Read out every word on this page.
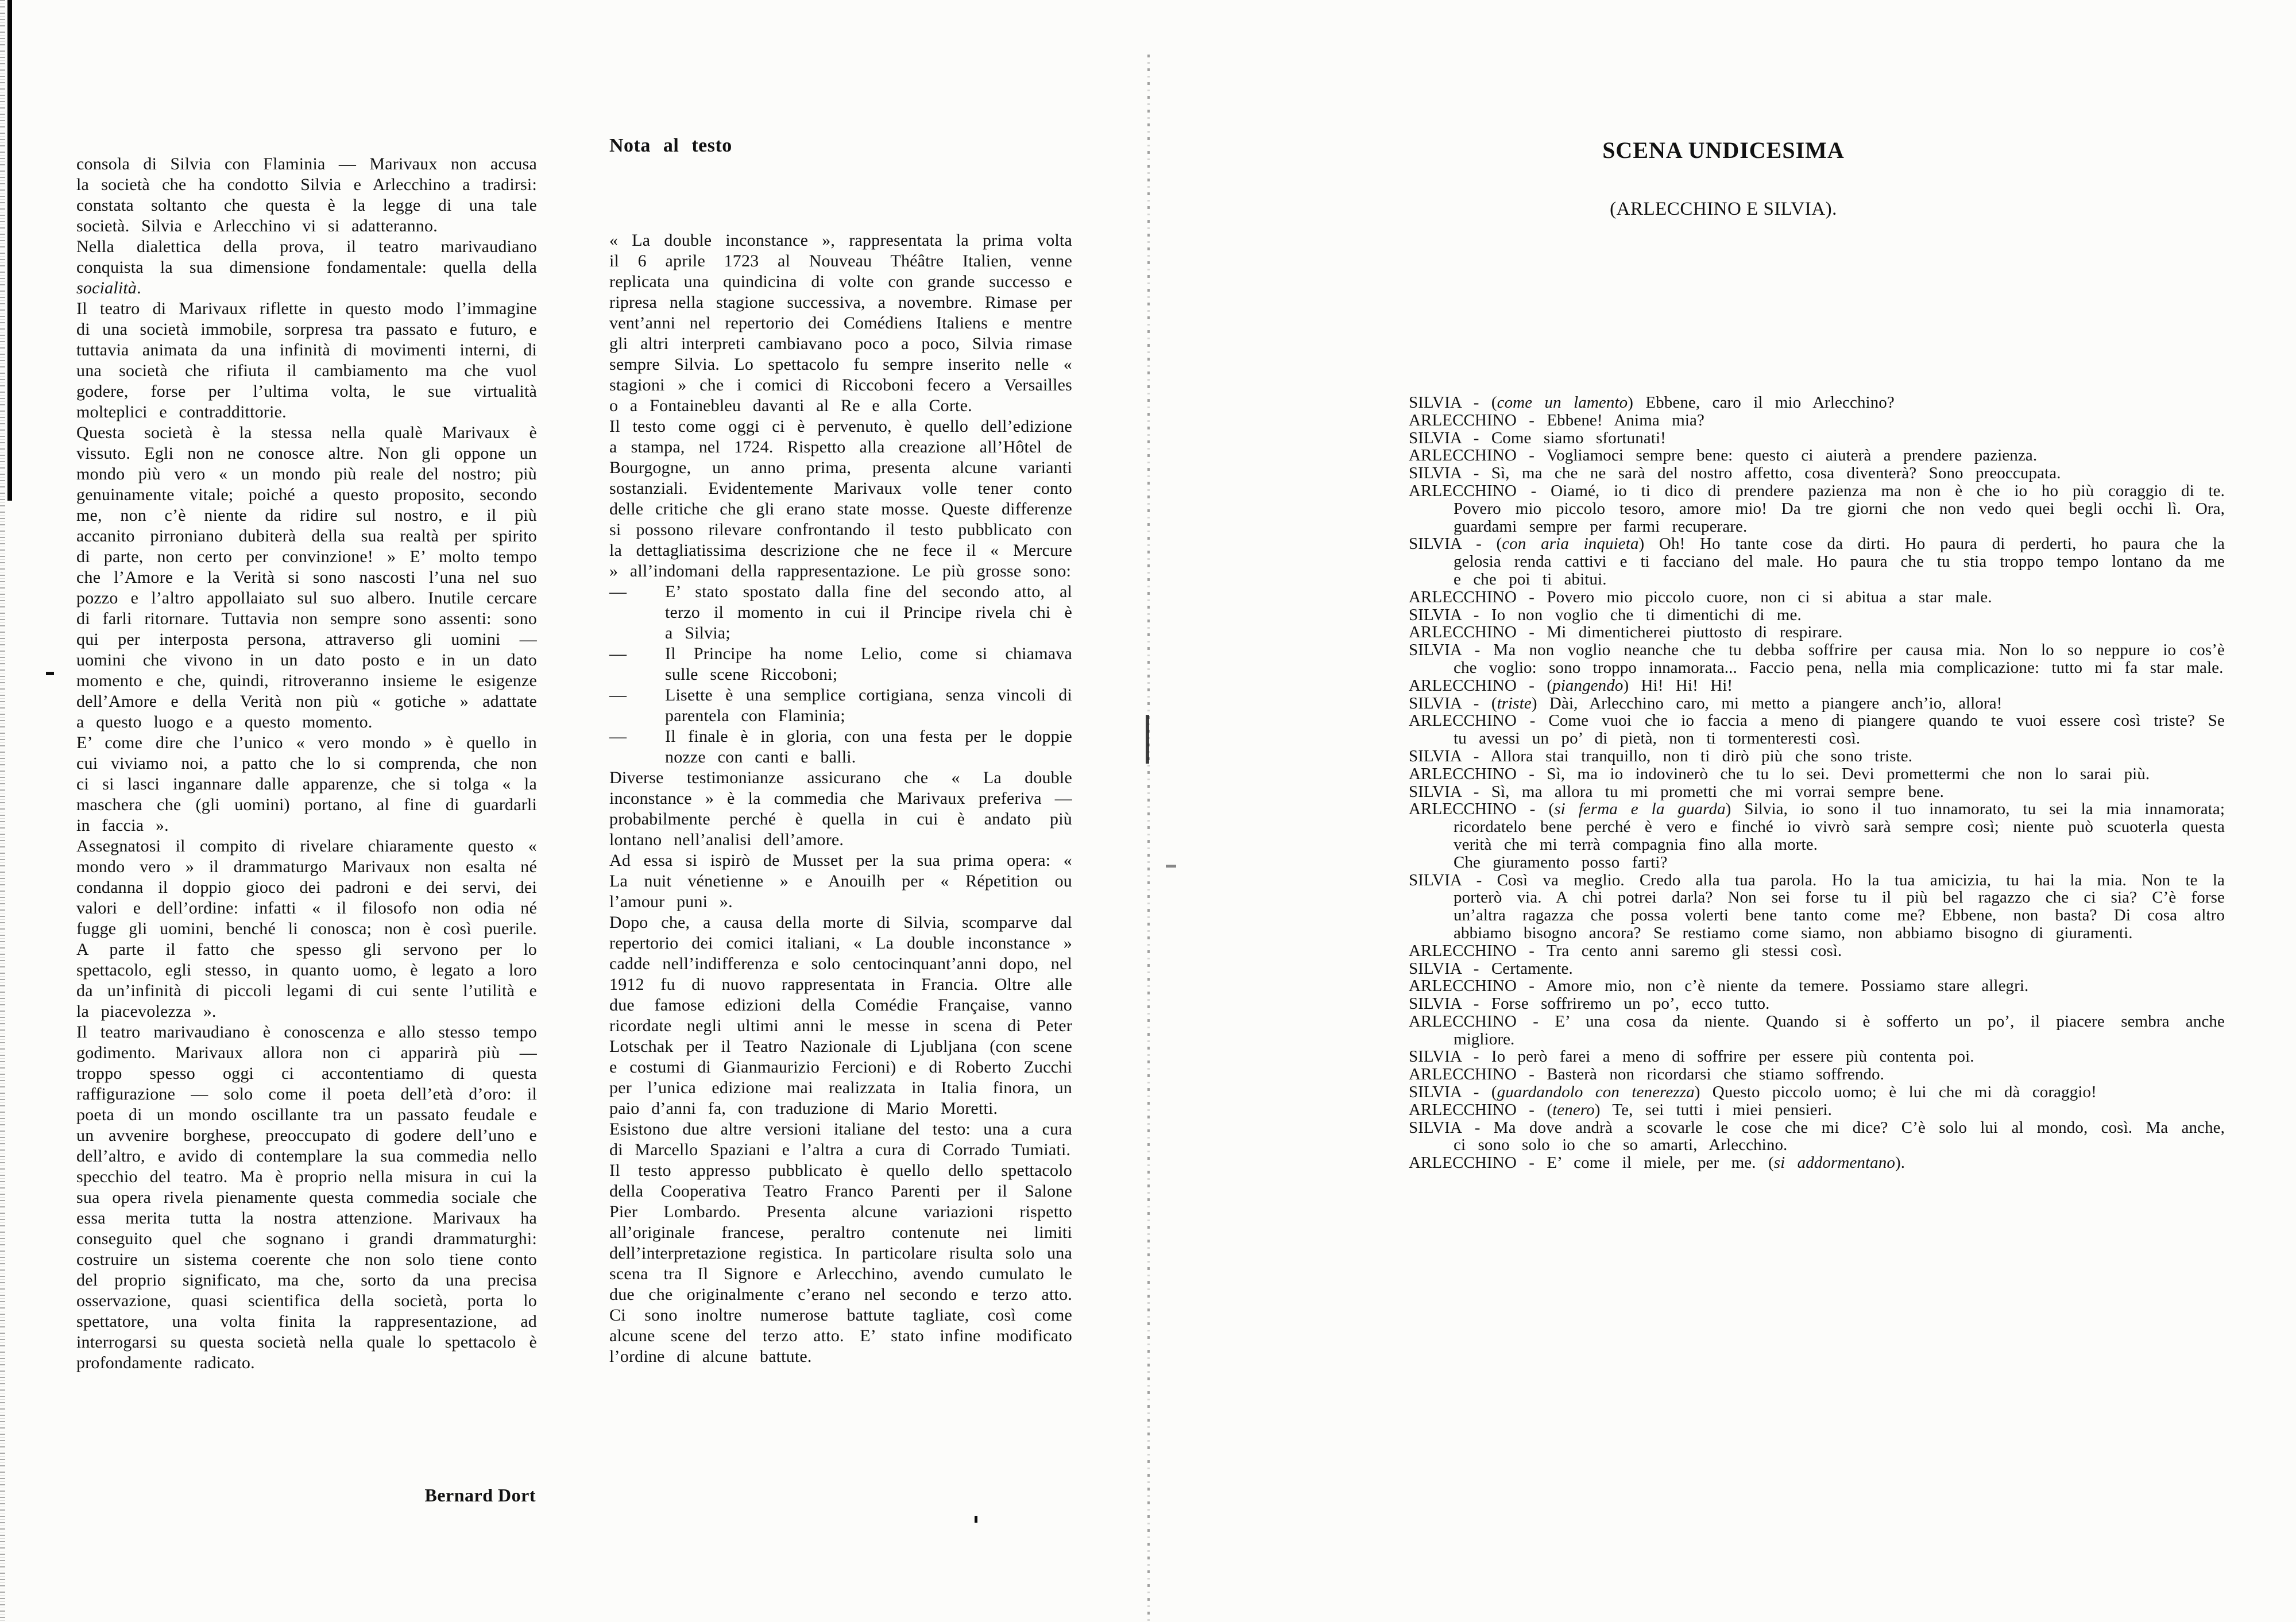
consola di Silvia con Flaminia — Marivaux non accusa la società che ha condotto Silvia e Arlecchino a tradirsi: constata soltanto che questa è la legge di una tale società. Silvia e Arlecchino vi si adatteranno.
Nella dialettica della prova, il teatro marivaudiano conquista la sua dimensione fondamentale: quella della socialità.
Il teatro di Marivaux riflette in questo modo l’immagine di una società immobile, sorpresa tra passato e futuro, e tuttavia animata da una infinità di movimenti interni, di una società che rifiuta il cambiamento ma che vuol godere, forse per l’ultima volta, le sue virtualità molteplici e contraddittorie.
Questa società è la stessa nella qualè Marivaux è vissuto. Egli non ne conosce altre. Non gli oppone un mondo più vero « un mondo più reale del nostro; più genuinamente vitale; poiché a questo proposito, secondo me, non c’è niente da ridire sul nostro, e il più accanito pirroniano dubiterà della sua realtà per spirito di parte, non certo per convinzione! » E’ molto tempo che l’Amore e la Verità si sono nascosti l’una nel suo pozzo e l’altro appollaiato sul suo albero. Inutile cercare di farli ritornare. Tuttavia non sempre sono assenti: sono qui per interposta persona, attraverso gli uomini — uomini che vivono in un dato posto e in un dato momento e che, quindi, ritroveranno insieme le esigenze dell’Amore e della Verità non più « gotiche » adattate a questo luogo e a questo momento.
E’ come dire che l’unico « vero mondo » è quello in cui viviamo noi, a patto che lo si comprenda, che non ci si lasci ingannare dalle apparenze, che si tolga « la maschera che (gli uomini) portano, al fine di guardarli in faccia ».
Assegnatosi il compito di rivelare chiaramente questo « mondo vero » il drammaturgo Marivaux non esalta né condanna il doppio gioco dei padroni e dei servi, dei valori e dell’ordine: infatti « il filosofo non odia né fugge gli uomini, benché li conosca; non è così puerile. A parte il fatto che spesso gli servono per lo spettacolo, egli stesso, in quanto uomo, è legato a loro da un’infinità di piccoli legami di cui sente l’utilità e la piacevolezza ».
Il teatro marivaudiano è conoscenza e allo stesso tempo godimento. Marivaux allora non ci apparirà più — troppo spesso oggi ci accontentiamo di questa raffigurazione — solo come il poeta dell’età d’oro: il poeta di un mondo oscillante tra un passato feudale e un avvenire borghese, preoccupato di godere dell’uno e dell’altro, e avido di contemplare la sua commedia nello specchio del teatro. Ma è proprio nella misura in cui la sua opera rivela pienamente questa commedia sociale che essa merita tutta la nostra attenzione. Marivaux ha conseguito quel che sognano i grandi drammaturghi: costruire un sistema coerente che non solo tiene conto del proprio significato, ma che, sorto da una precisa osservazione, quasi scientifica della società, porta lo spettatore, una volta finita la rappresentazione, ad interrogarsi su questa società nella quale lo spettacolo è profondamente radicato.
Bernard Dort
Nota al testo
« La double inconstance », rappresentata la prima volta il 6 aprile 1723 al Nouveau Théâtre Italien, venne replicata una quindicina di volte con grande successo e ripresa nella stagione successiva, a novembre. Rimase per vent’anni nel repertorio dei Comédiens Italiens e mentre gli altri interpreti cambiavano poco a poco, Silvia rimase sempre Silvia. Lo spettacolo fu sempre inserito nelle « stagioni » che i comici di Riccoboni fecero a Versailles o a Fontainebleu davanti al Re e alla Corte.
Il testo come oggi ci è pervenuto, è quello dell’edizione a stampa, nel 1724. Rispetto alla creazione all’Hôtel de Bourgogne, un anno prima, presenta alcune varianti sostanziali. Evidentemente Marivaux volle tener conto delle critiche che gli erano state mosse. Queste differenze si possono rilevare confrontando il testo pubblicato con la dettagliatissima descrizione che ne fece il « Mercure » all’indomani della rappresentazione. Le più grosse sono:
— E’ stato spostato dalla fine del secondo atto, al terzo il momento in cui il Principe rivela chi è a Silvia;
— Il Principe ha nome Lelio, come si chiamava sulle scene Riccoboni;
— Lisette è una semplice cortigiana, senza vincoli di parentela con Flaminia;
— Il finale è in gloria, con una festa per le doppie nozze con canti e balli.
Diverse testimonianze assicurano che « La double inconstance » è la commedia che Marivaux preferiva — probabilmente perché è quella in cui è andato più lontano nell’analisi dell’amore.
Ad essa si ispirò de Musset per la sua prima opera: « La nuit vénetienne » e Anouilh per « Répetition ou l’amour puni ».
Dopo che, a causa della morte di Silvia, scomparve dal repertorio dei comici italiani, « La double inconstance » cadde nell’indifferenza e solo centocinquant’anni dopo, nel 1912 fu di nuovo rappresentata in Francia. Oltre alle due famose edizioni della Comédie Française, vanno ricordate negli ultimi anni le messe in scena di Peter Lotschak per il Teatro Nazionale di Ljubljana (con scene e costumi di Gianmaurizio Fercioni) e di Roberto Zucchi per l’unica edizione mai realizzata in Italia finora, un paio d’anni fa, con traduzione di Mario Moretti.
Esistono due altre versioni italiane del testo: una a cura di Marcello Spaziani e l’altra a cura di Corrado Tumiati.
Il testo appresso pubblicato è quello dello spettacolo della Cooperativa Teatro Franco Parenti per il Salone Pier Lombardo. Presenta alcune variazioni rispetto all’originale francese, peraltro contenute nei limiti dell’interpretazione registica. In particolare risulta solo una scena tra Il Signore e Arlecchino, avendo cumulato le due che originalmente c’erano nel secondo e terzo atto. Ci sono inoltre numerose battute tagliate, così come alcune scene del terzo atto. E’ stato infine modificato l’ordine di alcune battute.
SCENA UNDICESIMA
(ARLECCHINO E SILVIA).
SILVIA - (come un lamento) Ebbene, caro il mio Arlecchino?
ARLECCHINO - Ebbene! Anima mia?
SILVIA - Come siamo sfortunati!
ARLECCHINO - Vogliamoci sempre bene: questo ci aiuterà a prendere pazienza.
SILVIA - Sì, ma che ne sarà del nostro affetto, cosa diventerà? Sono preoccupata.
ARLECCHINO - Oiamé, io ti dico di prendere pazienza ma non è che io ho più coraggio di te. Povero mio piccolo tesoro, amore mio! Da tre giorni che non vedo quei begli occhi lì. Ora, guardami sempre per farmi recuperare.
SILVIA - (con aria inquieta) Oh! Ho tante cose da dirti. Ho paura di perderti, ho paura che la gelosia renda cattivi e ti facciano del male. Ho paura che tu stia troppo tempo lontano da me e che poi ti abitui.
ARLECCHINO - Povero mio piccolo cuore, non ci si abitua a star male.
SILVIA - Io non voglio che ti dimentichi di me.
ARLECCHINO - Mi dimenticherei piuttosto di respirare.
SILVIA - Ma non voglio neanche che tu debba soffrire per causa mia. Non lo so neppure io cos’è che voglio: sono troppo innamorata... Faccio pena, nella mia complicazione: tutto mi fa star male.
ARLECCHINO - (piangendo) Hi! Hi! Hi!
SILVIA - (triste) Dài, Arlecchino caro, mi metto a piangere anch’io, allora!
ARLECCHINO - Come vuoi che io faccia a meno di piangere quando te vuoi essere così triste? Se tu avessi un po’ di pietà, non ti tormenteresti così.
SILVIA - Allora stai tranquillo, non ti dirò più che sono triste.
ARLECCHINO - Sì, ma io indovinerò che tu lo sei. Devi promettermi che non lo sarai più.
SILVIA - Sì, ma allora tu mi prometti che mi vorrai sempre bene.
ARLECCHINO - (si ferma e la guarda) Silvia, io sono il tuo innamorato, tu sei la mia innamorata; ricordatelo bene perché è vero e finché io vivrò sarà sempre così; niente può scuoterla questa verità che mi terrà compagnia fino alla morte.
Che giuramento posso farti?
SILVIA - Così va meglio. Credo alla tua parola. Ho la tua amicizia, tu hai la mia. Non te la porterò via. A chi potrei darla? Non sei forse tu il più bel ragazzo che ci sia? C’è forse un’altra ragazza che possa volerti bene tanto come me? Ebbene, non basta? Di cosa altro abbiamo bisogno ancora? Se restiamo come siamo, non abbiamo bisogno di giuramenti.
ARLECCHINO - Tra cento anni saremo gli stessi così.
SILVIA - Certamente.
ARLECCHINO - Amore mio, non c’è niente da temere. Possiamo stare allegri.
SILVIA - Forse soffriremo un po’, ecco tutto.
ARLECCHINO - E’ una cosa da niente. Quando si è sofferto un po’, il piacere sembra anche migliore.
SILVIA - Io però farei a meno di soffrire per essere più contenta poi.
ARLECCHINO - Basterà non ricordarsi che stiamo soffrendo.
SILVIA - (guardandolo con tenerezza) Questo piccolo uomo; è lui che mi dà coraggio!
ARLECCHINO - (tenero) Te, sei tutti i miei pensieri.
SILVIA - Ma dove andrà a scovarle le cose che mi dice? C’è solo lui al mondo, così. Ma anche, ci sono solo io che so amarti, Arlecchino.
ARLECCHINO - E’ come il miele, per me. (si addormentano).
